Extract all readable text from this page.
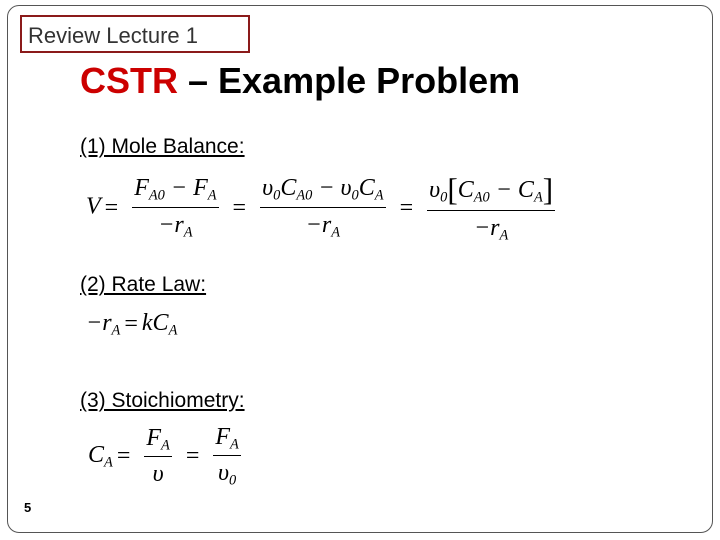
Review Lecture 1
CSTR – Example Problem
(1) Mole Balance:
$V = \frac{F_{A0} - F_A}{-r_A} = \frac{\upsilon_0C_{A0} - \upsilon_0C_A}{-r_A} = \frac{\upsilon_0[C_{A0} - C_A]}{-r_A}$
(2) Rate Law:
$-r_A = kC_A$
(3) Stoichiometry:
$C_A = \frac{F_A}{\upsilon} = \frac{F_A}{\upsilon_0}$
5
